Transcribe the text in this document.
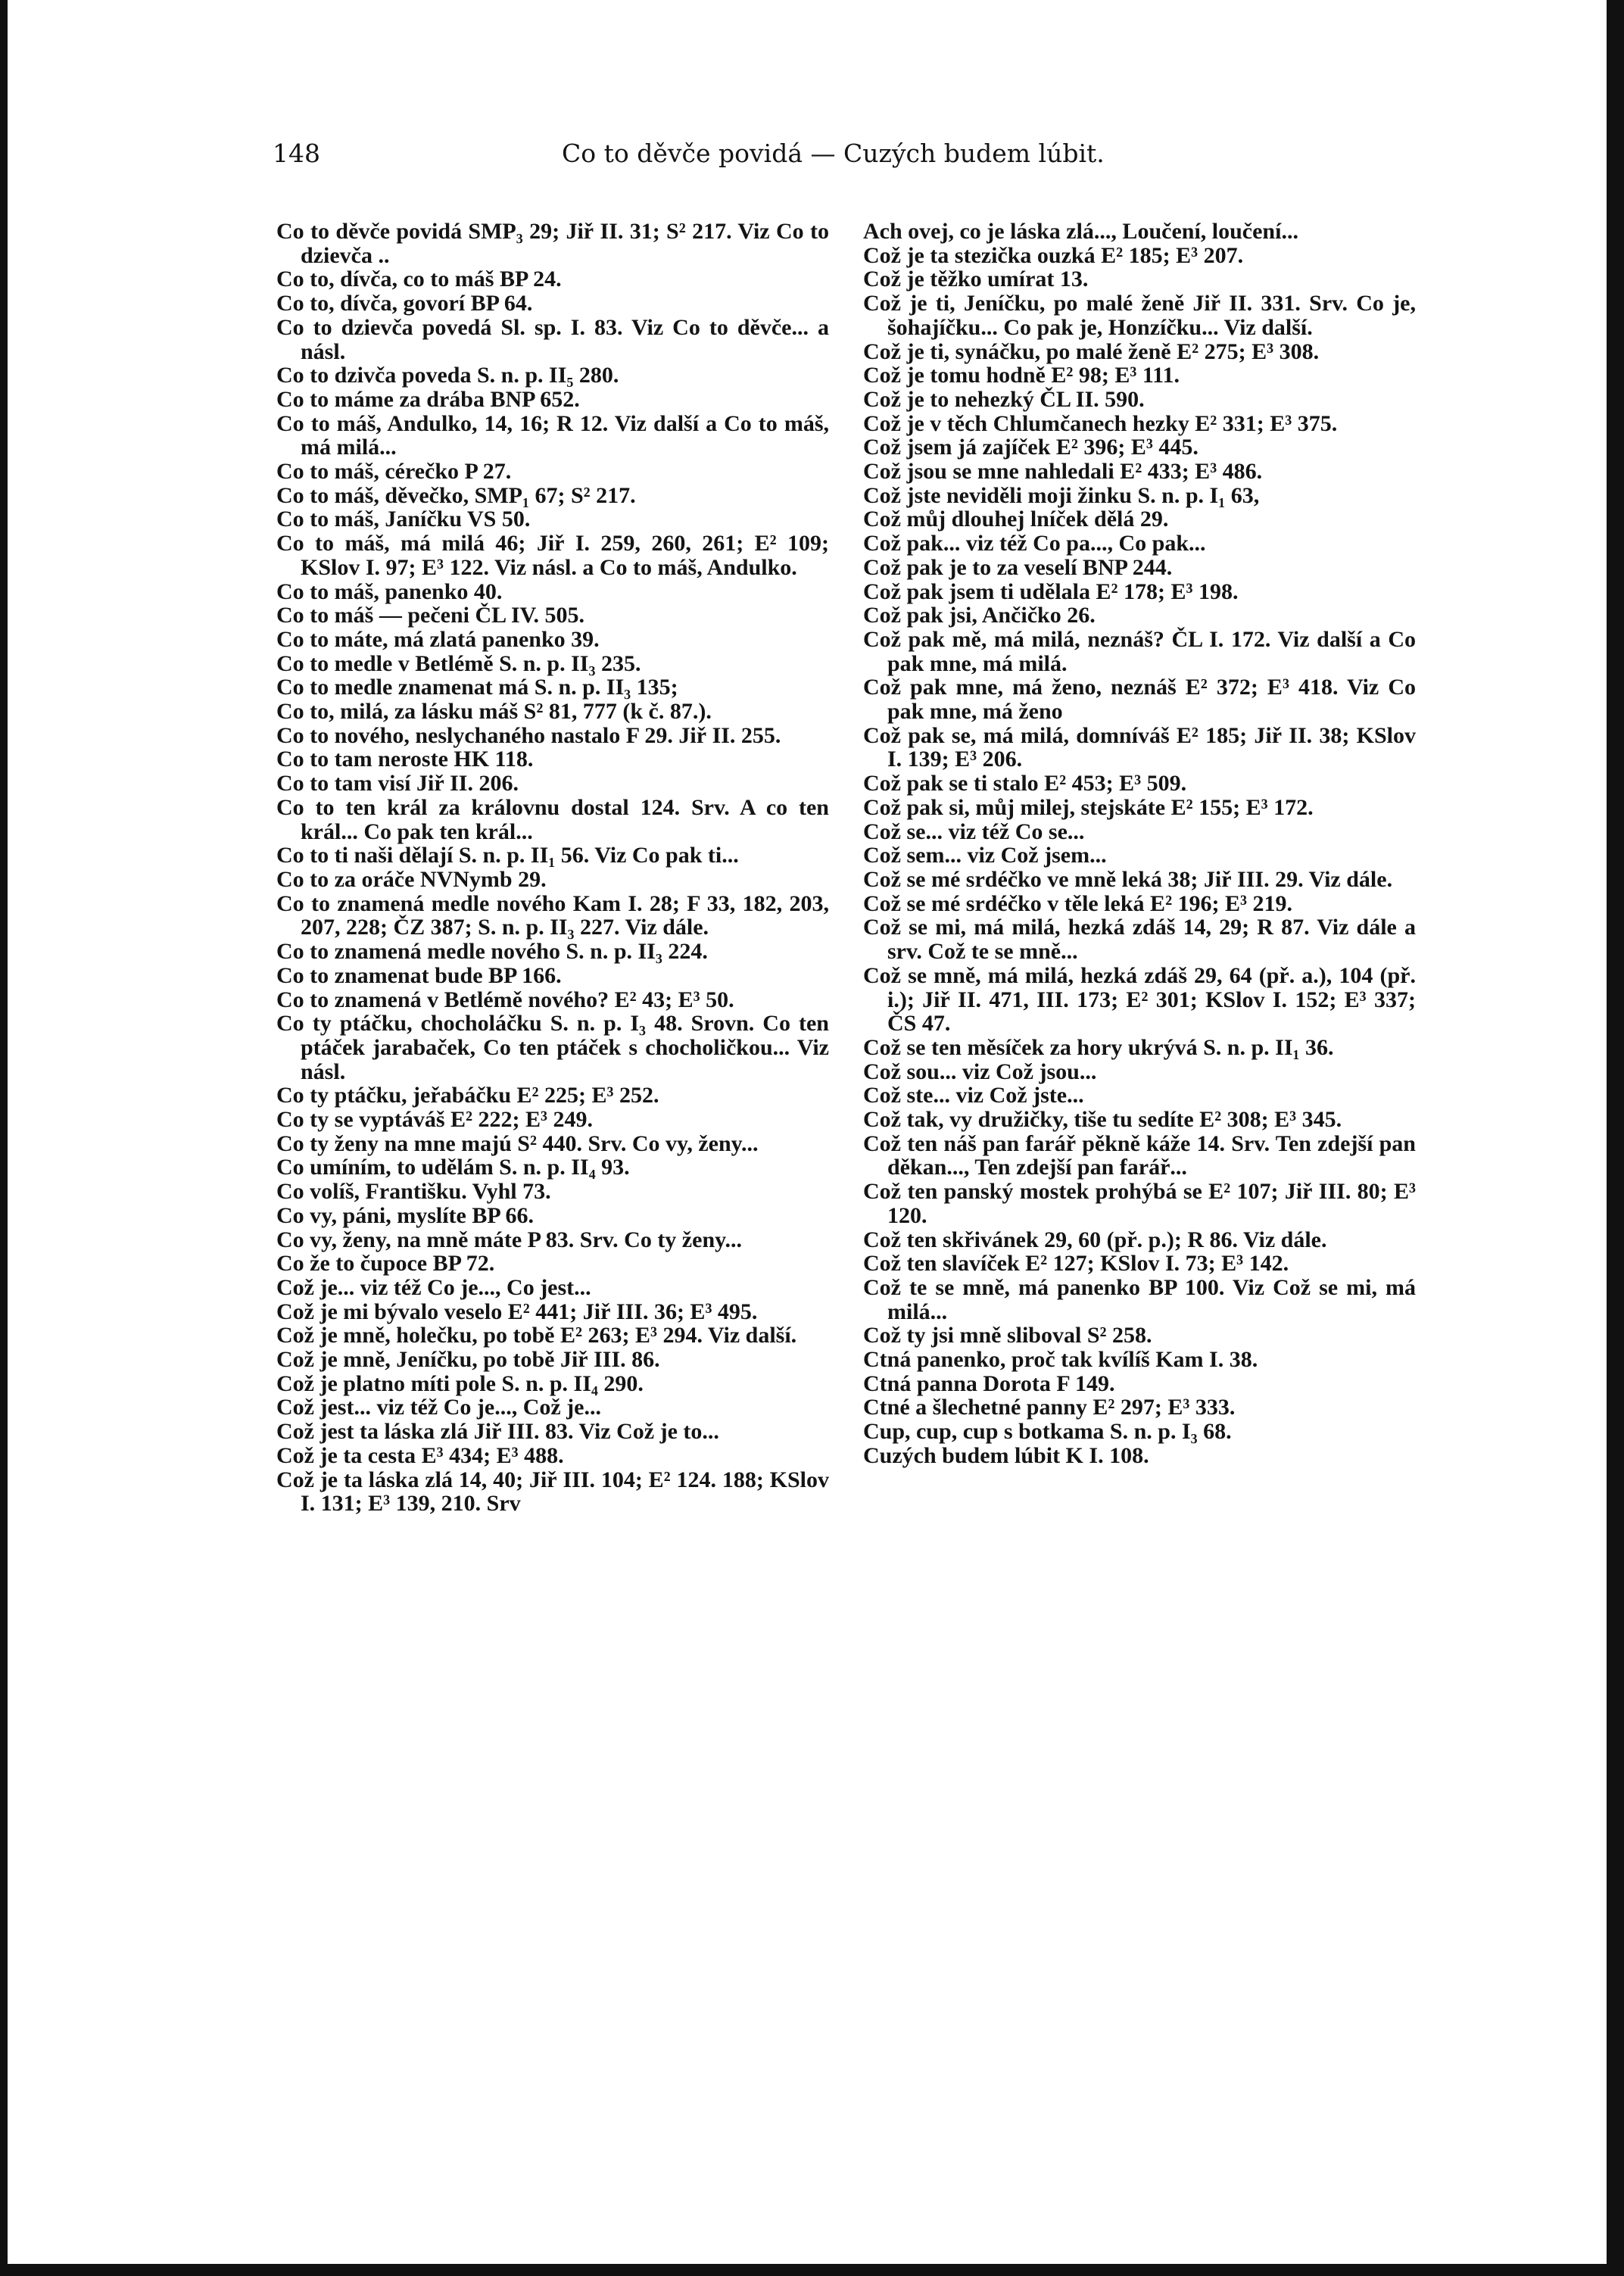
148	Co to děvče povidá — Cuzých budem lúbit.

Co to děvče povidá SMP₃ 29; Jiř II. 31; S² 217. Viz Co to dzievča ..

Co to, dívča, co to máš BP 24.

Co to, dívča, govorí BP 64.

Co to dzievča povedá Sl. sp. I. 83. Viz Co to děvče... a násl.

Co to dzivča poveda S. n. p. II₅ 280.

Co to máme za drába BNP 652.

Co to máš, Andulko, 14, 16; R 12. Viz další a Co to máš, má milá...

Co to máš, cérečko P 27.

Co to máš, děvečko, SMP₁ 67; S² 217.

Co to máš, Janíčku VS 50.

Co to máš, má milá 46; Jiř I. 259, 260, 261; E² 109; KSlov I. 97; E³ 122. Viz násl. a Co to máš, Andulko.

Co to máš, panenko 40.

Co to máš — pečeni ČL IV. 505.

Co to máte, má zlatá panenko 39.

Co to medle v Betlémě S. n. p. II₃ 235.

Co to medle znamenat má S. n. p. II₃ 135;

Co to, milá, za lásku máš S² 81, 777 (k č. 87.).

Co to nového, neslychaného nastalo F 29. Jiř II. 255.

Co to tam neroste HK 118.

Co to tam visí Jiř II. 206.

Co to ten král za královnu dostal 124. Srv. A co ten král... Co pak ten král...

Co to ti naši dělají S. n. p. II₁ 56. Viz Co pak ti...

Co to za oráče NVNymb 29.

Co to znamená medle nového Kam I. 28; F 33, 182, 203, 207, 228; ČZ 387; S. n. p. II₃ 227. Viz dále.

Co to znamená medle nového S. n. p. II₃ 224.

Co to znamenat bude BP 166.

Co to znamená v Betlémě nového? E² 43; E³ 50.

Co ty ptáčku, chocholáčku S. n. p. I₃ 48. Srovn. Co ten ptáček jarabaček, Co ten ptáček s chocholičkou... Viz násl.

Co ty ptáčku, jeřabáčku E² 225; E³ 252.

Co ty se vyptáváš E² 222; E³ 249.

Co ty ženy na mne majú S² 440. Srv. Co vy, ženy...

Co umíním, to udělám S. n. p. II₄ 93.

Co volíš, Františku. Vyhl 73.

Co vy, páni, myslíte BP 66.

Co vy, ženy, na mně máte P 83. Srv. Co ty ženy...

Co že to čupoce BP 72.

Což je... viz též Co je..., Co jest...

Což je mi bývalo veselo E² 441; Jiř III. 36; E³ 495.

Což je mně, holečku, po tobě E² 263; E³ 294. Viz další.

Což je mně, Jeníčku, po tobě Jiř III. 86.

Což je platno míti pole S. n. p. II₄ 290.

Což jest... viz též Co je..., Což je...

Což jest ta láska zlá Jiř III. 83. Viz Což je to...

Což je ta cesta E³ 434; E³ 488.

Což je ta láska zlá 14, 40; Jiř III. 104; E² 124. 188; KSlov I. 131; E³ 139, 210. Srv

Ach ovej, co je láska zlá..., Loučení, loučení...

Což je ta stezička ouzká E² 185; E³ 207.

Což je těžko umírat 13.

Což je ti, Jeníčku, po malé ženě Jiř II. 331. Srv. Co je, šohajíčku... Co pak je, Honzíčku... Viz další.

Což je ti, synáčku, po malé ženě E² 275; E³ 308.

Což je tomu hodně E² 98; E³ 111.

Což je to nehezký ČL II. 590.

Což je v těch Chlumčanech hezky E² 331; E³ 375.

Což jsem já zajíček E² 396; E³ 445.

Což jsou se mne nahledali E² 433; E³ 486.

Což jste neviděli moji žinku S. n. p. I₁ 63,

Což můj dlouhej lníček dělá 29.

Což pak... viz též Co pa..., Co pak...

Což pak je to za veselí BNP 244.

Což pak jsem ti udělala E² 178; E³ 198.

Což pak jsi, Ančičko 26.

Což pak mě, má milá, neznáš? ČL I. 172. Viz další a Co pak mne, má milá.

Což pak mne, má ženo, neznáš E² 372; E³ 418. Viz Co pak mne, má ženo

Což pak se, má milá, domníváš E² 185; Jiř II. 38; KSlov I. 139; E³ 206.

Což pak se ti stalo E² 453; E³ 509.

Což pak si, můj milej, stejskáte E² 155; E³ 172.

Což se... viz též Co se...

Což sem... viz Což jsem...

Což se mé srdéčko ve mně leká 38; Jiř III. 29. Viz dále.

Což se mé srdéčko v těle leká E² 196; E³ 219.

Což se mi, má milá, hezká zdáš 14, 29; R 87. Viz dále a srv. Což te se mně...

Což se mně, má milá, hezká zdáš 29, 64 (př. a.), 104 (př. i.); Jiř II. 471, III. 173; E² 301; KSlov I. 152; E³ 337; ČS 47.

Což se ten měsíček za hory ukrývá S. n. p. II₁ 36.

Což sou... viz Což jsou...

Což ste... viz Což jste...

Což tak, vy družičky, tiše tu sedíte E² 308; E³ 345.

Což ten náš pan farář pěkně káže 14. Srv. Ten zdejší pan děkan..., Ten zdejší pan farář...

Což ten panský mostek prohýbá se E² 107; Jiř III. 80; E³ 120.

Což ten skřivánek 29, 60 (př. p.); R 86. Viz dále.

Což ten slavíček E² 127; KSlov I. 73; E³ 142.

Což te se mně, má panenko BP 100. Viz Což se mi, má milá...

Což ty jsi mně sliboval S² 258.

Ctná panenko, proč tak kvílíš Kam I. 38.

Ctná panna Dorota F 149.

Ctné a šlechetné panny E² 297; E³ 333.

Cup, cup, cup s botkama S. n. p. I₃ 68.

Cuzých budem lúbit K I. 108.
